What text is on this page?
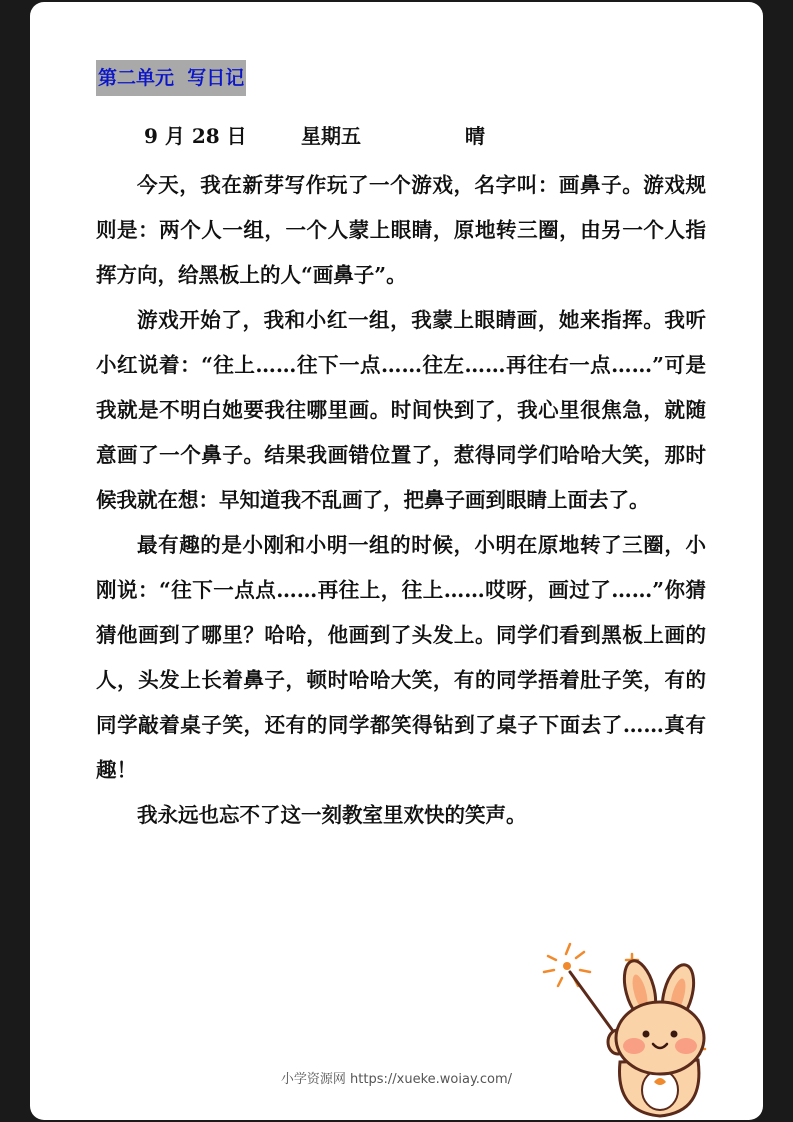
第二单元  写日记
9 月 28 日	星期五	晴

今天，我在新芽写作玩了一个游戏，名字叫：画鼻子。游戏规则是：两个人一组，一个人蒙上眼睛，原地转三圈，由另一个人指挥方向，给黑板上的人“画鼻子”。

游戏开始了，我和小红一组，我蒙上眼睛画，她来指挥。我听小红说着：“往上……往下一点……往左……再往右一点……”可是我就是不明白她要我往哪里画。时间快到了，我心里很焦急，就随意画了一个鼻子。结果我画错位置了，惹得同学们哈哈大笑，那时候我就在想：早知道我不乱画了，把鼻子画到眼睛上面去了。

最有趣的是小刚和小明一组的时候，小明在原地转了三圈，小刚说：“往下一点点……再往上，往上……哎呀，画过了……”你猜猜他画到了哪里？哈哈，他画到了头发上。同学们看到黑板上画的人，头发上长着鼻子，顿时哈哈大笑，有的同学捂着肚子笑，有的同学敲着桌子笑，还有的同学都笑得钻到了桌子下面去了……真有趣！

我永远也忘不了这一刻教室里欢快的笑声。

小学资源网 https://xueke.woiay.com/
